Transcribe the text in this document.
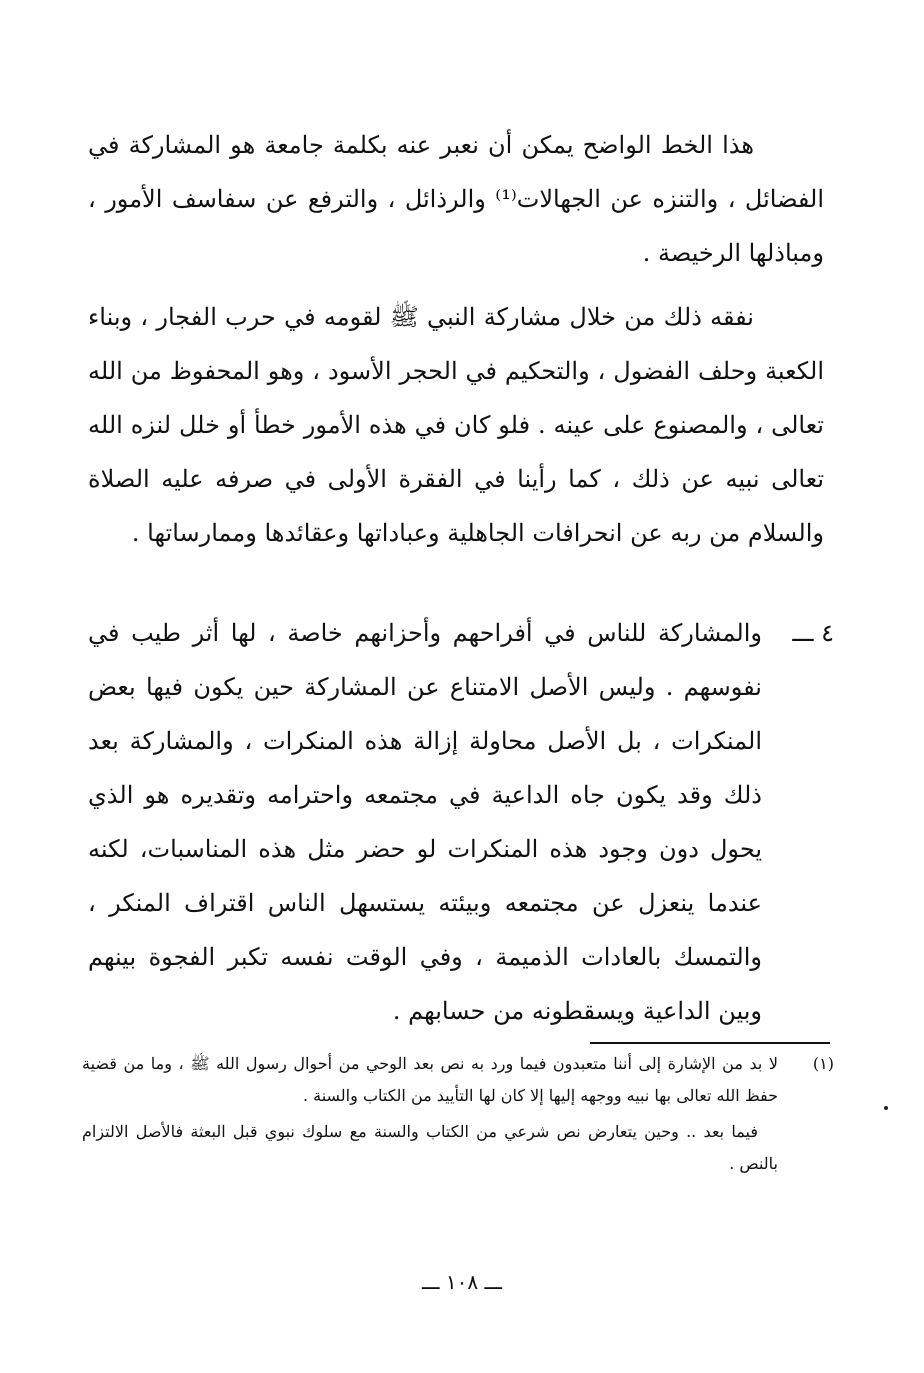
هذا الخط الواضح يمكن أن نعبر عنه بكلمة جامعة هو المشاركة في الفضائل ، والتنزه عن الجهالات⁽¹⁾ والرذائل ، والترفع عن سفاسف الأمور ، ومباذلها الرخيصة .

نفقه ذلك من خلال مشاركة النبي ﷺ لقومه في حرب الفجار ، وبناء الكعبة وحلف الفضول ، والتحكيم في الحجر الأسود ، وهو المحفوظ من الله تعالى ، والمصنوع على عينه . فلو كان في هذه الأمور خطأ أو خلل لنزه الله تعالى نبيه عن ذلك ، كما رأينا في الفقرة الأولى في صرفه عليه الصلاة والسلام من ربه عن انحرافات الجاهلية وعباداتها وعقائدها وممارساتها .

٤ ـــ

والمشاركة للناس في أفراحهم وأحزانهم خاصة ، لها أثر طيب في نفوسهم . وليس الأصل الامتناع عن المشاركة حين يكون فيها بعض المنكرات ، بل الأصل محاولة إزالة هذه المنكرات ، والمشاركة بعد ذلك وقد يكون جاه الداعية في مجتمعه واحترامه وتقديره هو الذي يحول دون وجود هذه المنكرات لو حضر مثل هذه المناسبات، لكنه عندما ينعزل عن مجتمعه وبيئته يستسهل الناس اقتراف المنكر ، والتمسك بالعادات الذميمة ، وفي الوقت نفسه تكبر الفجوة بينهم وبين الداعية ويسقطونه من حسابهم .

(١)

لا بد من الإشارة إلى أننا متعبدون فيما ورد به نص بعد الوحي من أحوال رسول الله ﷺ ، وما من قضية حفظ الله تعالى بها نبيه ووجهه إليها إلا كان لها التأييد من الكتاب والسنة .

فيما بعد .. وحين يتعارض نص شرعي من الكتاب والسنة مع سلوك نبوي قبل البعثة فالأصل الالتزام بالنص .

ـــ ١٠٨ ـــ
